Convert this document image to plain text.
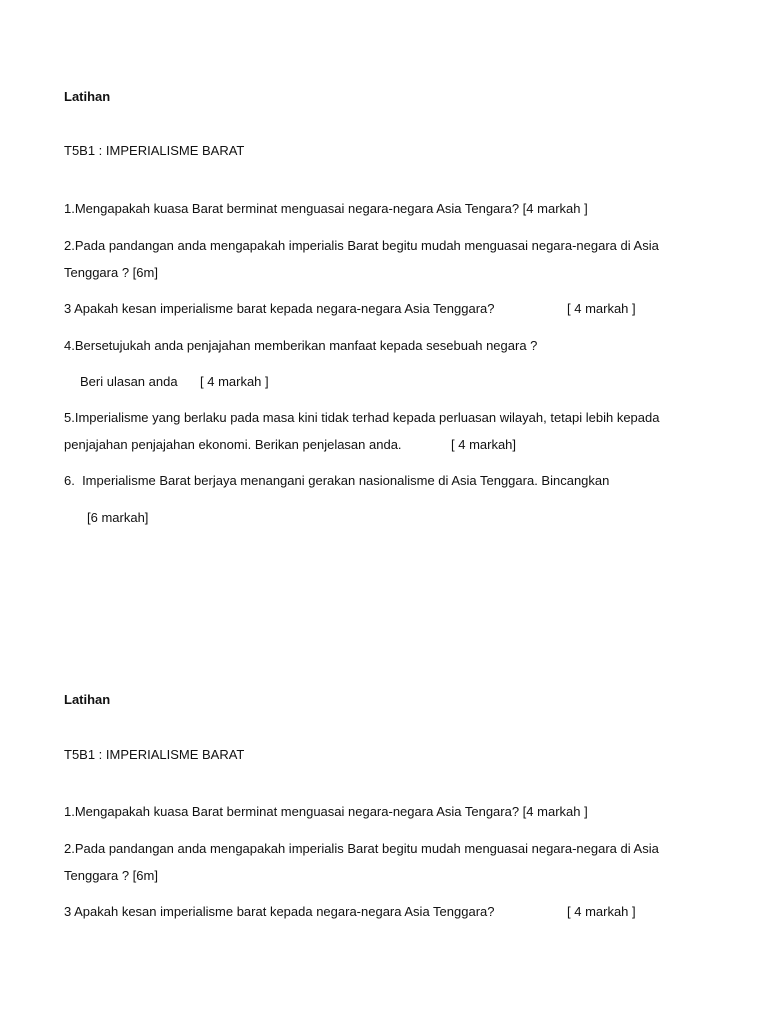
Latihan
T5B1 : IMPERIALISME BARAT
1.Mengapakah kuasa Barat berminat menguasai negara-negara Asia Tengara? [4 markah ]
2.Pada pandangan anda mengapakah imperialis Barat begitu mudah menguasai negara-negara di Asia
Tenggara ? [6m]
3 Apakah kesan imperialisme barat kepada negara-negara Asia Tenggara?	[ 4 markah ]
4.Bersetujukah anda penjajahan memberikan manfaat kepada sesebuah negara ?
Beri ulasan anda [ 4 markah ]
5.Imperialisme yang berlaku pada masa kini tidak terhad kepada perluasan wilayah, tetapi lebih kepada
penjajahan penjajahan ekonomi. Berikan penjelasan anda.	[ 4 markah]
6.  Imperialisme Barat berjaya menangani gerakan nasionalisme di Asia Tenggara. Bincangkan
[6 markah]
Latihan
T5B1 : IMPERIALISME BARAT
1.Mengapakah kuasa Barat berminat menguasai negara-negara Asia Tengara? [4 markah ]
2.Pada pandangan anda mengapakah imperialis Barat begitu mudah menguasai negara-negara di Asia
Tenggara ? [6m]
3 Apakah kesan imperialisme barat kepada negara-negara Asia Tenggara?	[ 4 markah ]
